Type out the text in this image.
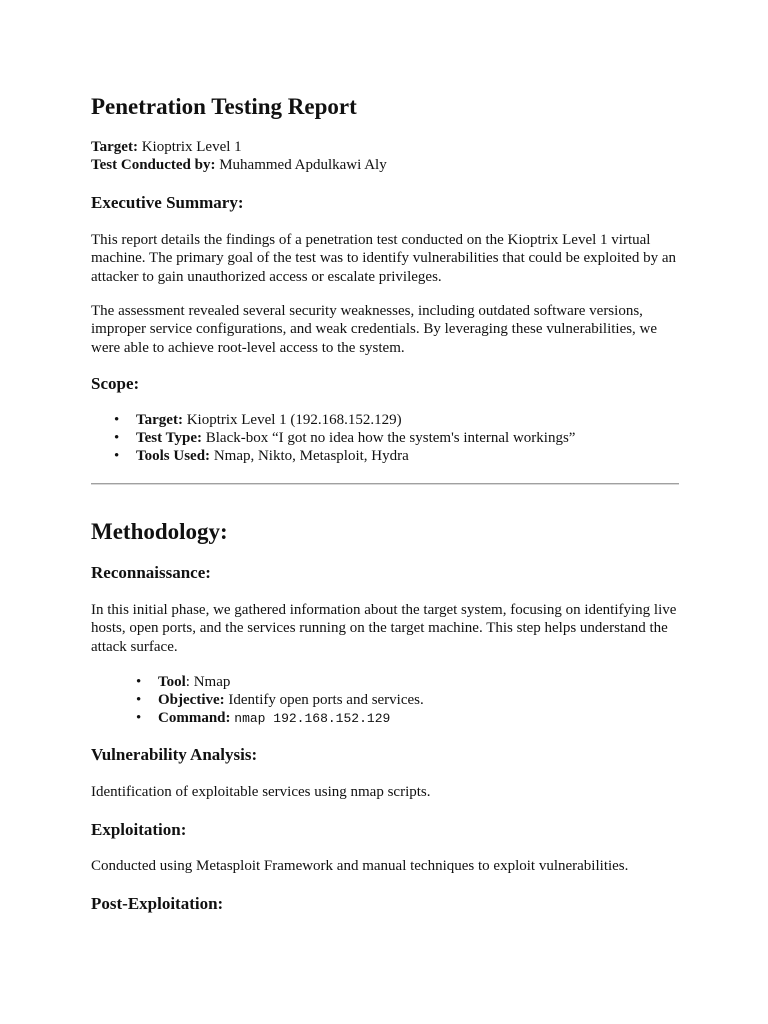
Penetration Testing Report
Target: Kioptrix Level 1
Test Conducted by: Muhammed Apdulkawi Aly
Executive Summary:

This report details the findings of a penetration test conducted on the Kioptrix Level 1 virtual machine. The primary goal of the test was to identify vulnerabilities that could be exploited by an attacker to gain unauthorized access or escalate privileges.

The assessment revealed several security weaknesses, including outdated software versions, improper service configurations, and weak credentials. By leveraging these vulnerabilities, we were able to achieve root-level access to the system.

Scope:
• Target: Kioptrix Level 1 (192.168.152.129)
• Test Type: Black-box “I got no idea how the system's internal workings”
• Tools Used: Nmap, Nikto, Metasploit, Hydra
Methodology:
Reconnaissance:

In this initial phase, we gathered information about the target system, focusing on identifying live hosts, open ports, and the services running on the target machine. This step helps understand the attack surface.

• Tool: Nmap
• Objective: Identify open ports and services.
• Command: nmap 192.168.152.129
Vulnerability Analysis:

Identification of exploitable services using nmap scripts.

Exploitation:

Conducted using Metasploit Framework and manual techniques to exploit vulnerabilities.

Post-Exploitation:
